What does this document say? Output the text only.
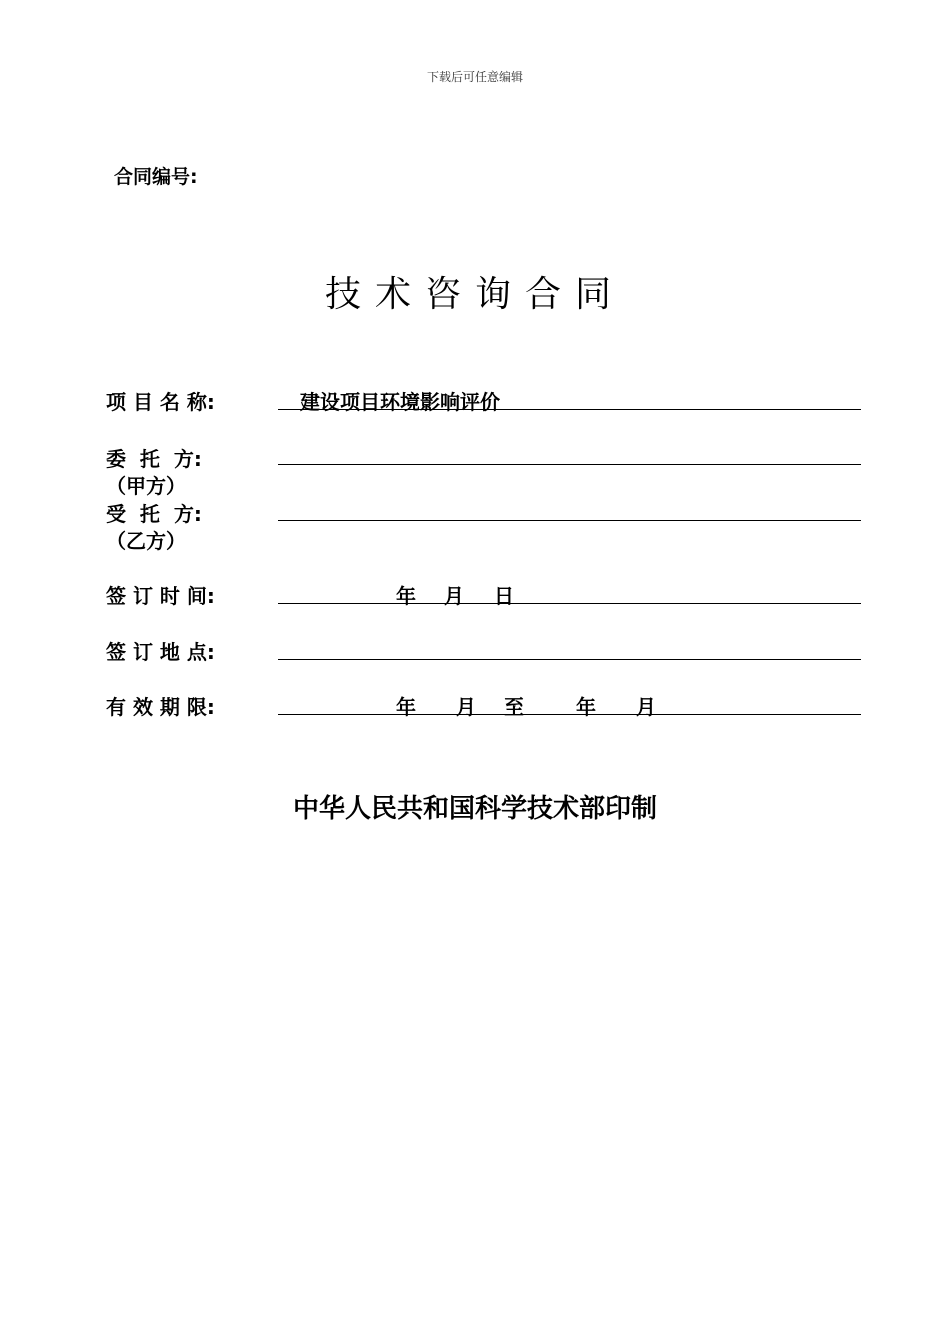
下载后可任意编辑
合同编号:
技术咨询合同
项 目 名 称:	建设项目环境影响评价
委  托  方:
（甲方）
受  托  方:
（乙方）
签 订 时 间:	年 月 日
签 订 地 点:
有 效 期 限:	年 月 至	年 月
中华人民共和国科学技术部印制
